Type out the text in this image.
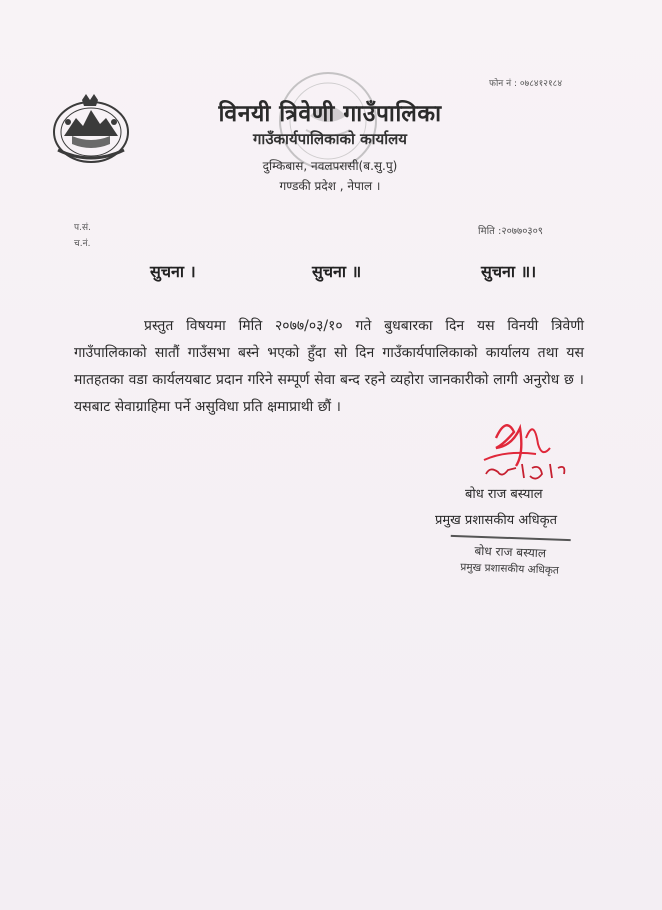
फोन नं : ०७८४१२१८४
विनयी त्रिवेणी गाउँपालिका
गाउँकार्यपालिकाको कार्यालय
दुम्किबास, नवलपरासी(ब.सु.पु)
गण्डकी प्रदेश , नेपाल ।
प.सं.
च.नं.
मिति :२०७७०३०९
सुचना ।	सुचना ॥	सुचना ॥।
प्रस्तुत विषयमा मिति २०७७/०३/१० गते बुधबारका दिन यस विनयी त्रिवेणी गाउँपालिकाको सातौं गाउँसभा बस्ने भएको हुँदा सो दिन गाउँकार्यपालिकाको कार्यालय तथा यस मातहतका वडा कार्यलयबाट प्रदान गरिने सम्पूर्ण सेवा बन्द रहने व्यहोरा जानकारीको लागी अनुरोध छ ।यसबाट सेवाग्राहिमा पर्ने असुविधा प्रति क्षमाप्राथी छौं ।
बोध राज बस्याल
प्रमुख प्रशासकीय अधिकृत
बोध राज बस्याल
प्रमुख प्रशासकीय अधिकृत
